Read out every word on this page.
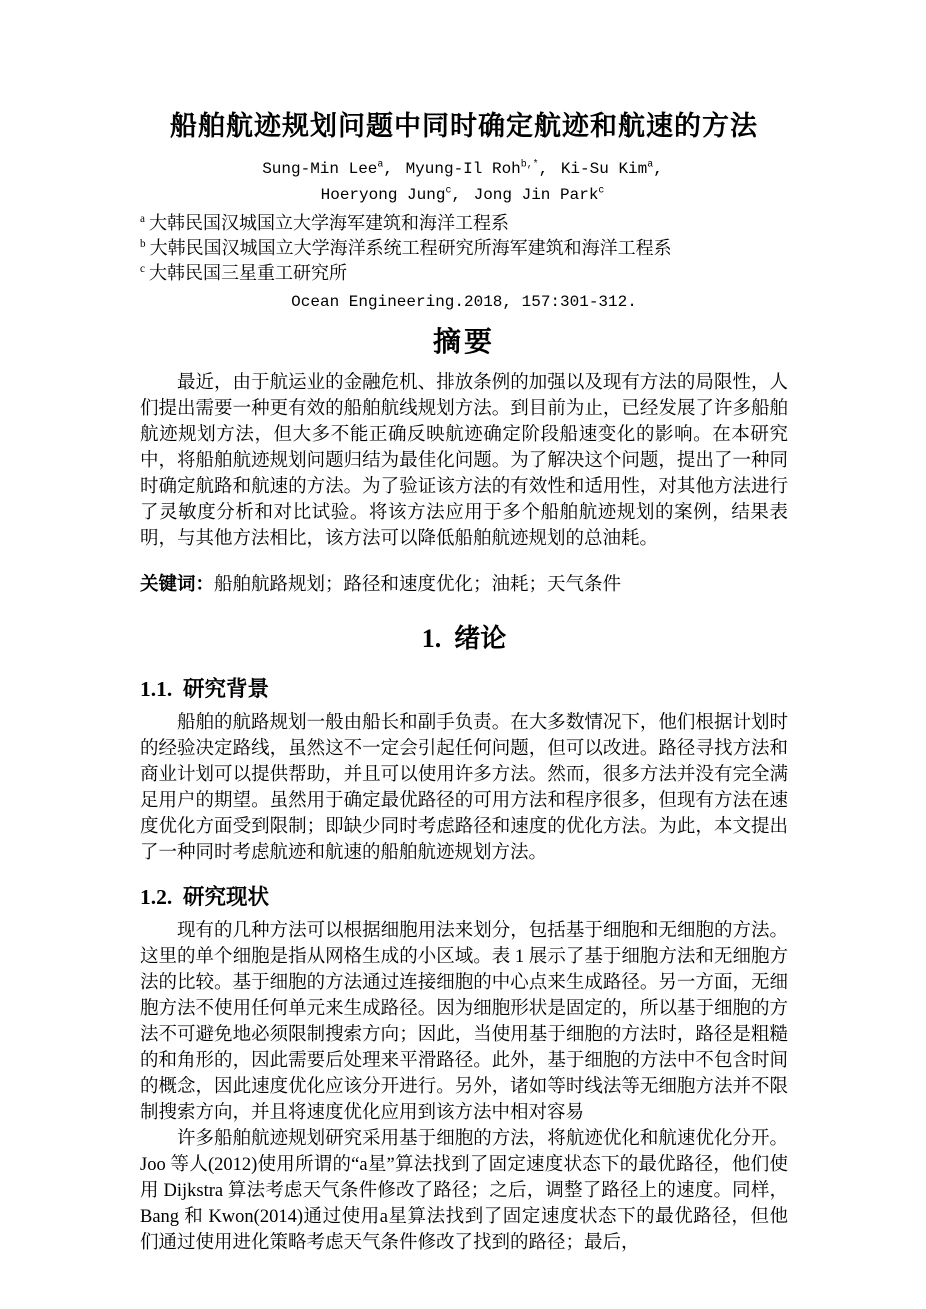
船舶航迹规划问题中同时确定航迹和航速的方法
Sung-Min Lee$^a$, Myung-Il Roh$^{b,*}$, Ki-Su Kim$^a$,
Hoeryong Jung$^c$, Jong Jin Park$^c$
$^a$ 大韩民国汉城国立大学海军建筑和海洋工程系
$^b$ 大韩民国汉城国立大学海洋系统工程研究所海军建筑和海洋工程系
$^c$ 大韩民国三星重工研究所
Ocean Engineering.2018, 157:301-312.
摘要

最近，由于航运业的金融危机、排放条例的加强以及现有方法的局限性，人们提出需要一种更有效的船舶航线规划方法。到目前为止，已经发展了许多船舶航迹规划方法，但大多不能正确反映航迹确定阶段船速变化的影响。在本研究中，将船舶航迹规划问题归结为最佳化问题。为了解决这个问题，提出了一种同时确定航路和航速的方法。为了验证该方法的有效性和适用性，对其他方法进行了灵敏度分析和对比试验。将该方法应用于多个船舶航迹规划的案例，结果表明，与其他方法相比，该方法可以降低船舶航迹规划的总油耗。

关键词：船舶航路规划；路径和速度优化；油耗；天气条件
1.  绪论
1.1.  研究背景

船舶的航路规划一般由船长和副手负责。在大多数情况下，他们根据计划时的经验决定路线，虽然这不一定会引起任何问题，但可以改进。路径寻找方法和商业计划可以提供帮助，并且可以使用许多方法。然而，很多方法并没有完全满足用户的期望。虽然用于确定最优路径的可用方法和程序很多，但现有方法在速度优化方面受到限制；即缺少同时考虑路径和速度的优化方法。为此，本文提出了一种同时考虑航迹和航速的船舶航迹规划方法。

1.2.  研究现状

现有的几种方法可以根据细胞用法来划分，包括基于细胞和无细胞的方法。这里的单个细胞是指从网格生成的小区域。表 1 展示了基于细胞方法和无细胞方法的比较。基于细胞的方法通过连接细胞的中心点来生成路径。另一方面，无细胞方法不使用任何单元来生成路径。因为细胞形状是固定的，所以基于细胞的方法不可避免地必须限制搜索方向；因此，当使用基于细胞的方法时，路径是粗糙的和角形的，因此需要后处理来平滑路径。此外，基于细胞的方法中不包含时间的概念，因此速度优化应该分开进行。另外，诸如等时线法等无细胞方法并不限制搜索方向，并且将速度优化应用到该方法中相对容易

许多船舶航迹规划研究采用基于细胞的方法，将航迹优化和航速优化分开。Joo 等人(2012)使用所谓的“a星”算法找到了固定速度状态下的最优路径，他们使用 Dijkstra 算法考虑天气条件修改了路径；之后，调整了路径上的速度。同样，Bang 和 Kwon(2014)通过使用a星算法找到了固定速度状态下的最优路径，但他们通过使用进化策略考虑天气条件修改了找到的路径；最后，
